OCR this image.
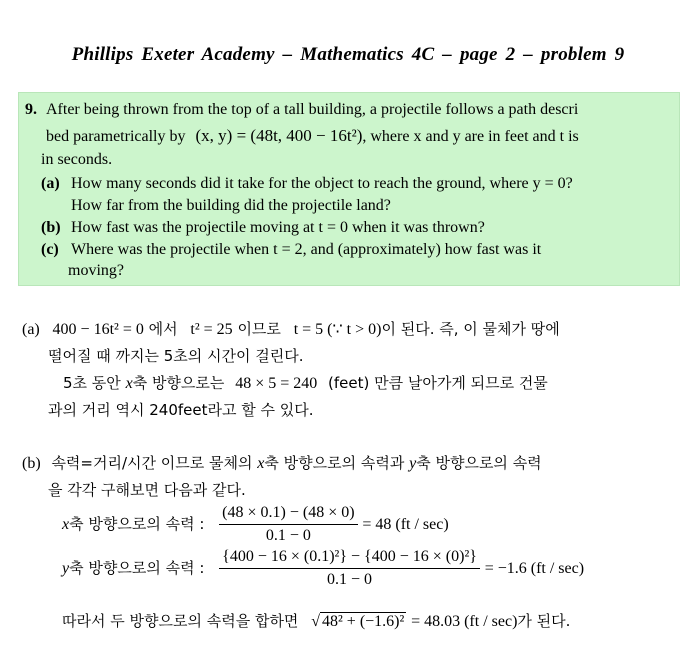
Phillips Exeter Academy – Mathematics 4C – page 2 – problem 9
9. After being thrown from the top of a tall building, a projectile follows a path descri
bed parametrically by (x, y) = (48t, 400 − 16t²), where x and y are in feet and t is
in seconds.
(a) How many seconds did it take for the object to reach the ground, where y = 0?
How far from the building did the projectile land?
(b) How fast was the projectile moving at t = 0 when it was thrown?
(c) Where was the projectile when t = 2, and (approximately) how fast was it
moving?
(a) 400 − 16t² = 0 에서 t² = 25 이므로 t = 5 (∵ t > 0)이 된다. 즉, 이 물체가 땅에
떨어질 때 까지는 5초의 시간이 걸린다.
5초 동안 x축 방향으로는 48 × 5 = 240 (feet) 만큼 날아가게 되므로 건물
과의 거리 역시 240feet라고 할 수 있다.
(b) 속력=거리/시간 이므로 물체의 x축 방향으로의 속력과 y축 방향으로의 속력
을 각각 구해보면 다음과 같다.
x축 방향으로의 속력 : $\frac{(48 \times 0.1) - (48 \times 0)}{0.1 - 0} = 48$ (ft / sec)
y축 방향으로의 속력 : $\frac{\text{\{400 − 16 × (0.1)²\} − \{400 − 16 × (0)²\}}}{0.1 - 0} = -1.6$ (ft / sec)
따라서 두 방향으로의 속력을 합하면 √ 48² + (−1.6)² = 48.03 (ft / sec)가 된다.
